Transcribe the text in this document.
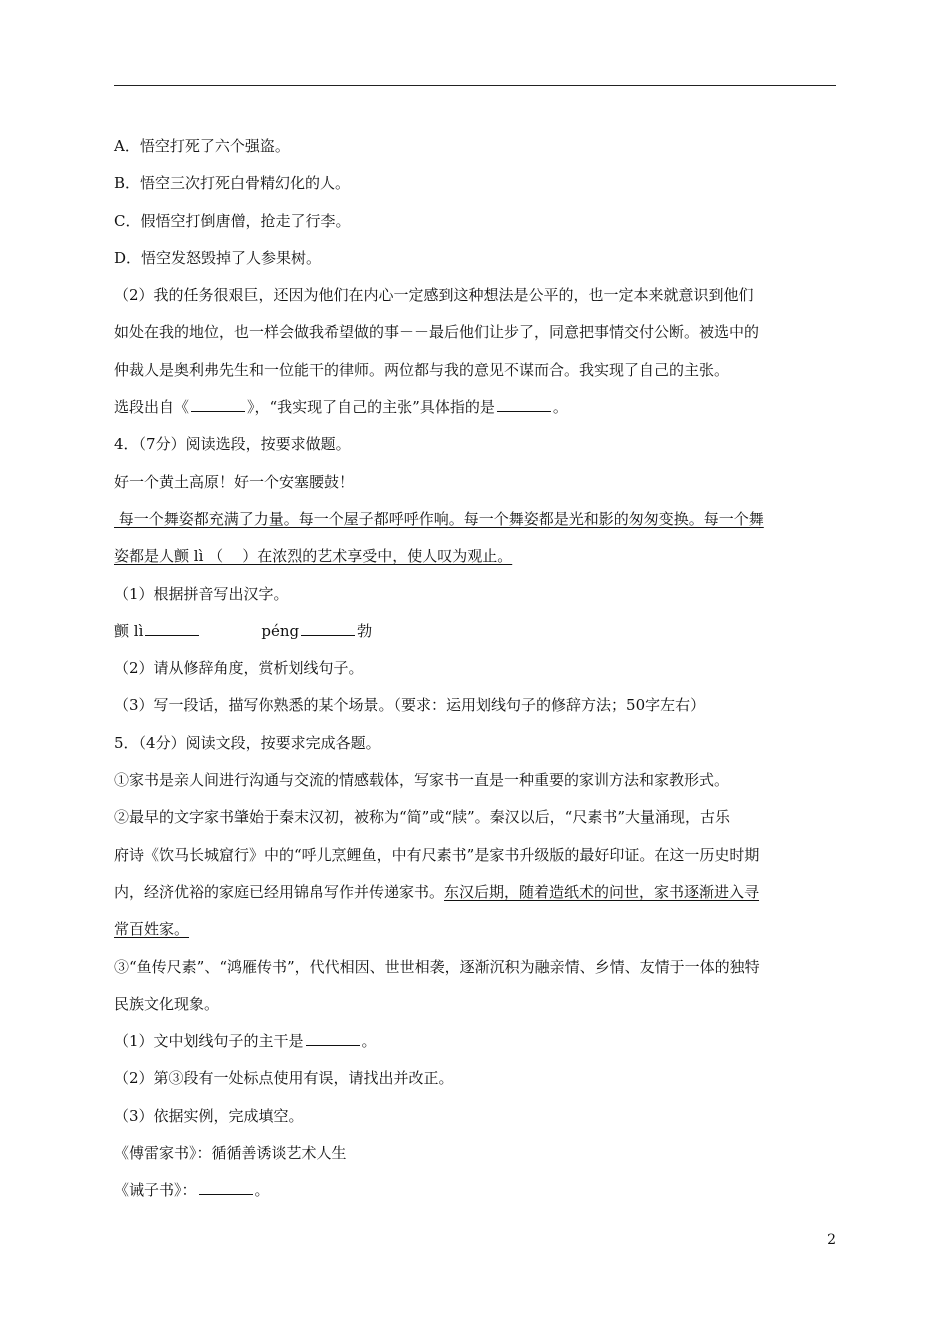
A．悟空打死了六个强盗。
B．悟空三次打死白骨精幻化的人。
C．假悟空打倒唐僧，抢走了行李。
D．悟空发怒毁掉了人参果树。
（2）我的任务很艰巨，还因为他们在内心一定感到这种想法是公平的，也一定本来就意识到他们
如处在我的地位，也一样会做我希望做的事－－最后他们让步了，同意把事情交付公断。被选中的
仲裁人是奥利弗先生和一位能干的律师。两位都与我的意见不谋而合。我实现了自己的主张。
选段出自《	》，“我实现了自己的主张”具体指的是	。
4．（7分）阅读选段，按要求做题。
好一个黄土高原！好一个安塞腰鼓！
每一个舞姿都充满了力量。每一个屋子都呼呼作响。每一个舞姿都是光和影的匆匆变换。每一个舞
姿都是人颤 lì （    ）在浓烈的艺术享受中，使人叹为观止。
（1）根据拼音写出汉字。
颤 lì	péng	勃
（2）请从修辞角度，赏析划线句子。
（3）写一段话，描写你熟悉的某个场景。（要求：运用划线句子的修辞方法；50字左右）
5．（4分）阅读文段，按要求完成各题。
①家书是亲人间进行沟通与交流的情感载体，写家书一直是一种重要的家训方法和家教形式。
②最早的文字家书肇始于秦末汉初，被称为“简”或“牍”。秦汉以后，“尺素书”大量涌现，古乐
府诗《饮马长城窟行》中的“呼儿烹鲤鱼，中有尺素书”是家书升级版的最好印证。在这一历史时期
内，经济优裕的家庭已经用锦帛写作并传递家书。东汉后期，随着造纸术的问世，家书逐渐进入寻
常百姓家。
③“鱼传尺素”、“鸿雁传书”，代代相因、世世相袭，逐渐沉积为融亲情、乡情、友情于一体的独特
民族文化现象。
（1）文中划线句子的主干是	。
（2）第③段有一处标点使用有误，请找出并改正。
（3）依据实例，完成填空。
《傅雷家书》：循循善诱谈艺术人生
《诫子书》：	。
2
